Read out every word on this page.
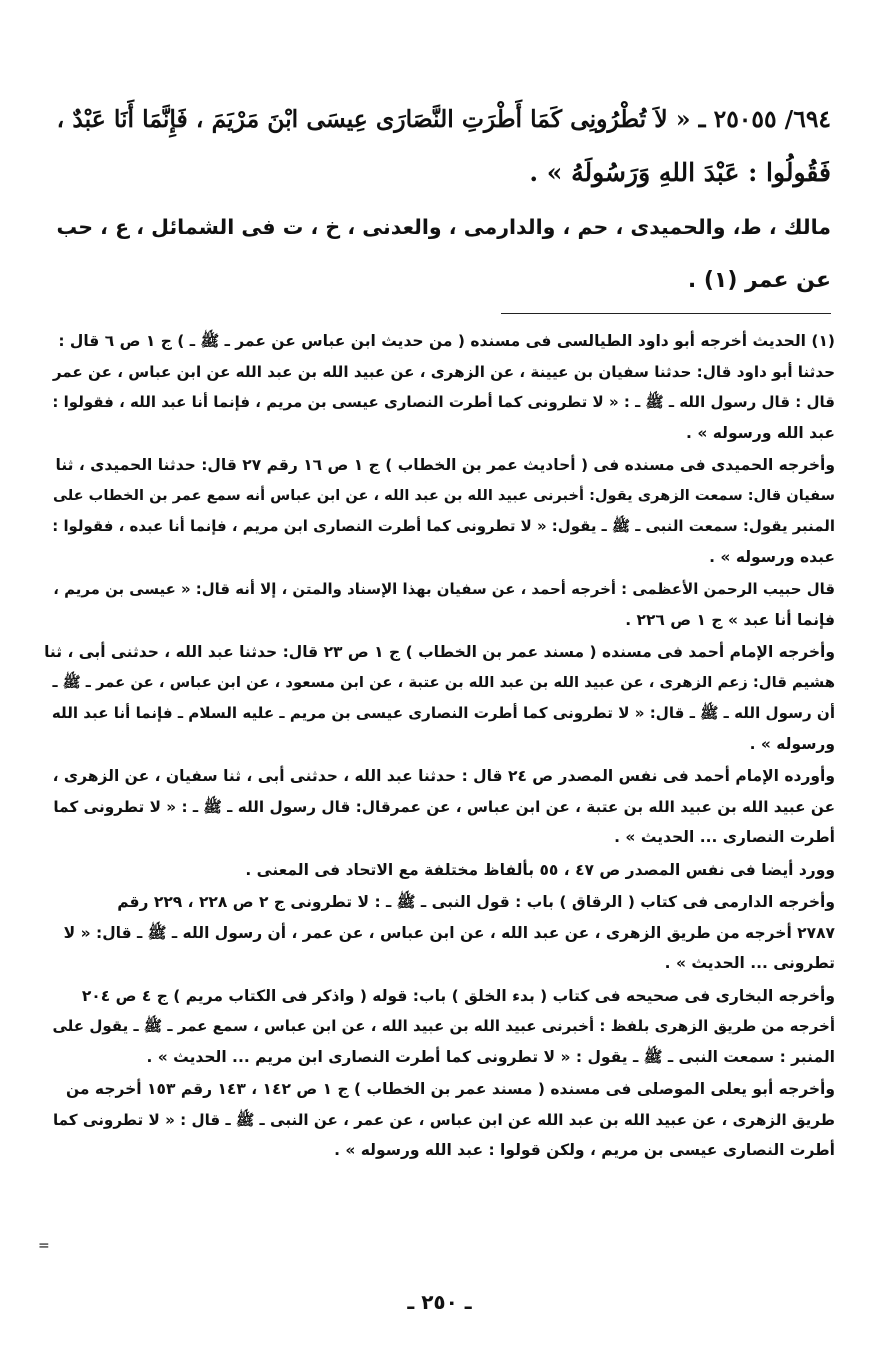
٦٩٤/ ٢٥٠٥٥ ـ « لاَ تُطْرُونِى كَمَا أَطْرَتِ النَّصَارَى عِيسَى ابْنَ مَرْيَمَ ، فَإِنَّمَا أَنَا عَبْدٌ ،

فَقُولُوا : عَبْدَ اللهِ وَرَسُولَهُ » .

مالك ، ط، والحميدى ، حم ، والدارمى ، والعدنى ، خ ، ت فى الشمائل ، ع ، حب

عن عمر (١) .

(١) الحديث أخرجه أبو داود الطيالسى فى مسنده ( من حديث ابن عباس عن عمر ـ ﷺ ـ ) ج ١ ص ٦ قال :

حدثنا أبو داود قال: حدثنا سفيان بن عيينة ، عن الزهرى ، عن عبيد الله بن عبد الله عن ابن عباس ، عن عمر

قال : قال رسول الله ـ ﷺ ـ : « لا تطرونى كما أطرت النصارى عيسى بن مريم ، فإنما أنا عبد الله ، فقولوا :

عبد الله ورسوله » .

وأخرجه الحميدى فى مسنده فى ( أحاديث عمر بن الخطاب ) ج ١ ص ١٦ رقم ٢٧ قال: حدثنا الحميدى ، ثنا

سفيان قال: سمعت الزهرى يقول: أخبرنى عبيد الله بن عبد الله ، عن ابن عباس أنه سمع عمر بن الخطاب على

المنبر يقول: سمعت النبى ـ ﷺ ـ يقول: « لا تطرونى كما أطرت النصارى ابن مريم ، فإنما أنا عبده ، فقولوا :

عبده ورسوله » .

قال حبيب الرحمن الأعظمى : أخرجه أحمد ، عن سفيان بهذا الإسناد والمتن ، إلا أنه قال: « عيسى بن مريم ،

فإنما أنا عبد » ج ١ ص ٢٢٦ .

وأخرجه الإمام أحمد فى مسنده ( مسند عمر بن الخطاب ) ج ١ ص ٢٣ قال: حدثنا عبد الله ، حدثنى أبى ، ثنا

هشيم قال: زعم الزهرى ، عن عبيد الله بن عبد الله بن عتبة ، عن ابن مسعود ، عن ابن عباس ، عن عمر ـ ﷺ ـ

أن رسول الله ـ ﷺ ـ قال: « لا تطرونى كما أطرت النصارى عيسى بن مريم ـ عليه السلام ـ فإنما أنا عبد الله

ورسوله » .

وأورده الإمام أحمد فى نفس المصدر ص ٢٤ قال : حدثنا عبد الله ، حدثنى أبى ، ثنا سفيان ، عن الزهرى ،

عن عبيد الله بن عبيد الله بن عتبة ، عن ابن عباس ، عن عمرقال: قال رسول الله ـ ﷺ ـ : « لا تطرونى كما

أطرت النصارى ... الحديث » .

وورد أيضا فى نفس المصدر ص ٤٧ ، ٥٥ بألفاظ مختلفة مع الاتحاد فى المعنى .

وأخرجه الدارمى فى كتاب ( الرقاق ) باب : قول النبى ـ ﷺ ـ : لا تطرونى ج ٢ ص ٢٢٨ ، ٢٢٩ رقم

٢٧٨٧ أخرجه من طريق الزهرى ، عن عبد الله ، عن ابن عباس ، عن عمر ، أن رسول الله ـ ﷺ ـ قال: « لا

تطرونى ... الحديث » .

وأخرجه البخارى فى صحيحه فى كتاب ( بدء الخلق ) باب: قوله ( واذكر فى الكتاب مريم ) ج ٤ ص ٢٠٤

أخرجه من طريق الزهرى بلفظ : أخبرنى عبيد الله بن عبيد الله ، عن ابن عباس ، سمع عمر ـ ﷺ ـ يقول على

المنبر : سمعت النبى ـ ﷺ ـ يقول : « لا تطرونى كما أطرت النصارى ابن مريم ... الحديث » .

وأخرجه أبو يعلى الموصلى فى مسنده ( مسند عمر بن الخطاب ) ج ١ ص ١٤٢ ، ١٤٣ رقم ١٥٣ أخرجه من

طريق الزهرى ، عن عبيد الله بن عبد الله عن ابن عباس ، عن عمر ، عن النبى ـ ﷺ ـ قال : « لا تطرونى كما

أطرت النصارى عيسى بن مريم ، ولكن قولوا : عبد الله ورسوله » .

=
ـ ٢٥٠ ـ
